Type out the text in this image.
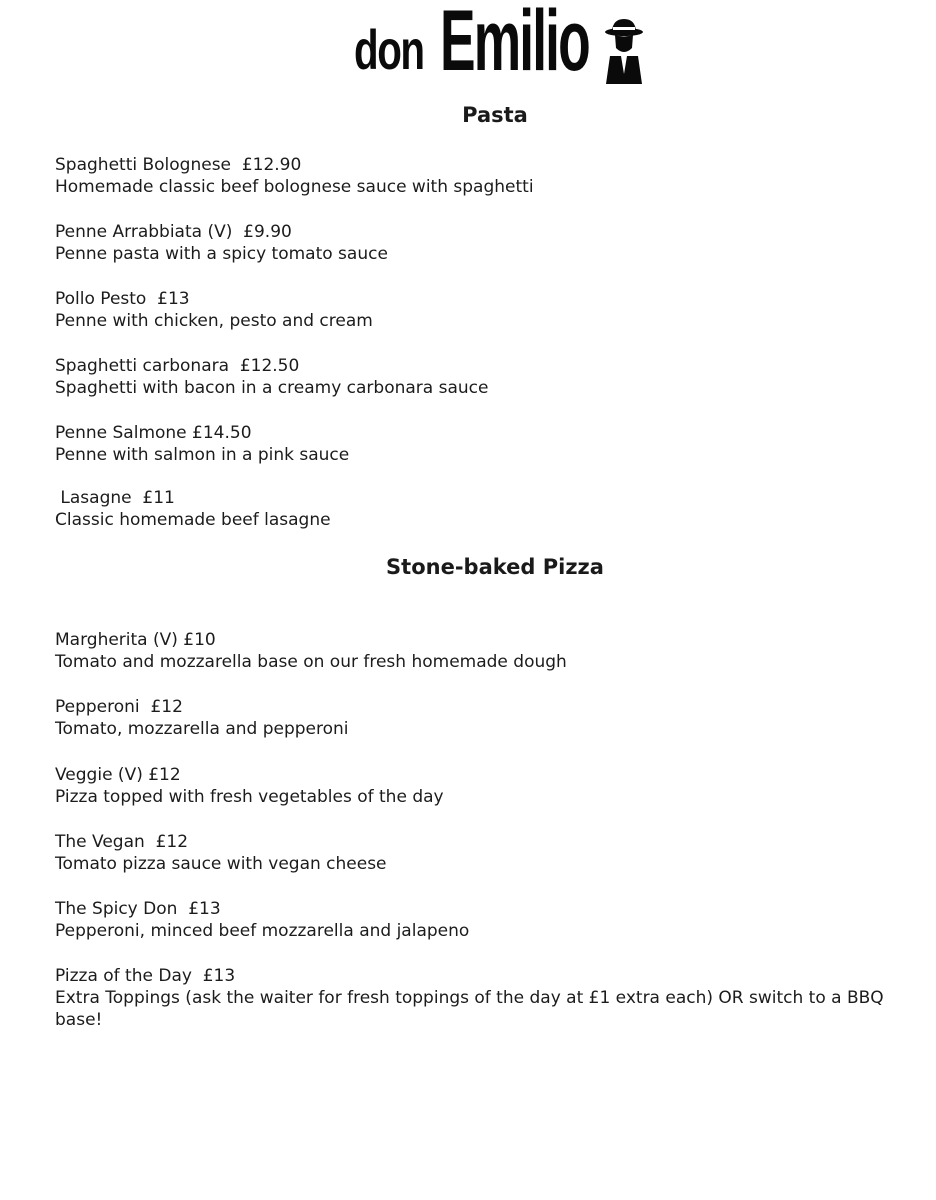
don Emilio
Pasta
Spaghetti Bolognese  £12.90
Homemade classic beef bolognese sauce with spaghetti
Penne Arrabbiata (V)  £9.90
Penne pasta with a spicy tomato sauce
Pollo Pesto  £13
Penne with chicken, pesto and cream
Spaghetti carbonara  £12.50
Spaghetti with bacon in a creamy carbonara sauce
Penne Salmone £14.50
Penne with salmon in a pink sauce
Lasagne  £11
Classic homemade beef lasagne
Stone-baked Pizza
Margherita (V) £10
Tomato and mozzarella base on our fresh homemade dough
Pepperoni  £12
Tomato, mozzarella and pepperoni
Veggie (V) £12
Pizza topped with fresh vegetables of the day
The Vegan  £12
Tomato pizza sauce with vegan cheese
The Spicy Don  £13
Pepperoni, minced beef mozzarella and jalapeno
Pizza of the Day  £13
Extra Toppings (ask the waiter for fresh toppings of the day at £1 extra each) OR switch to a BBQ base!
